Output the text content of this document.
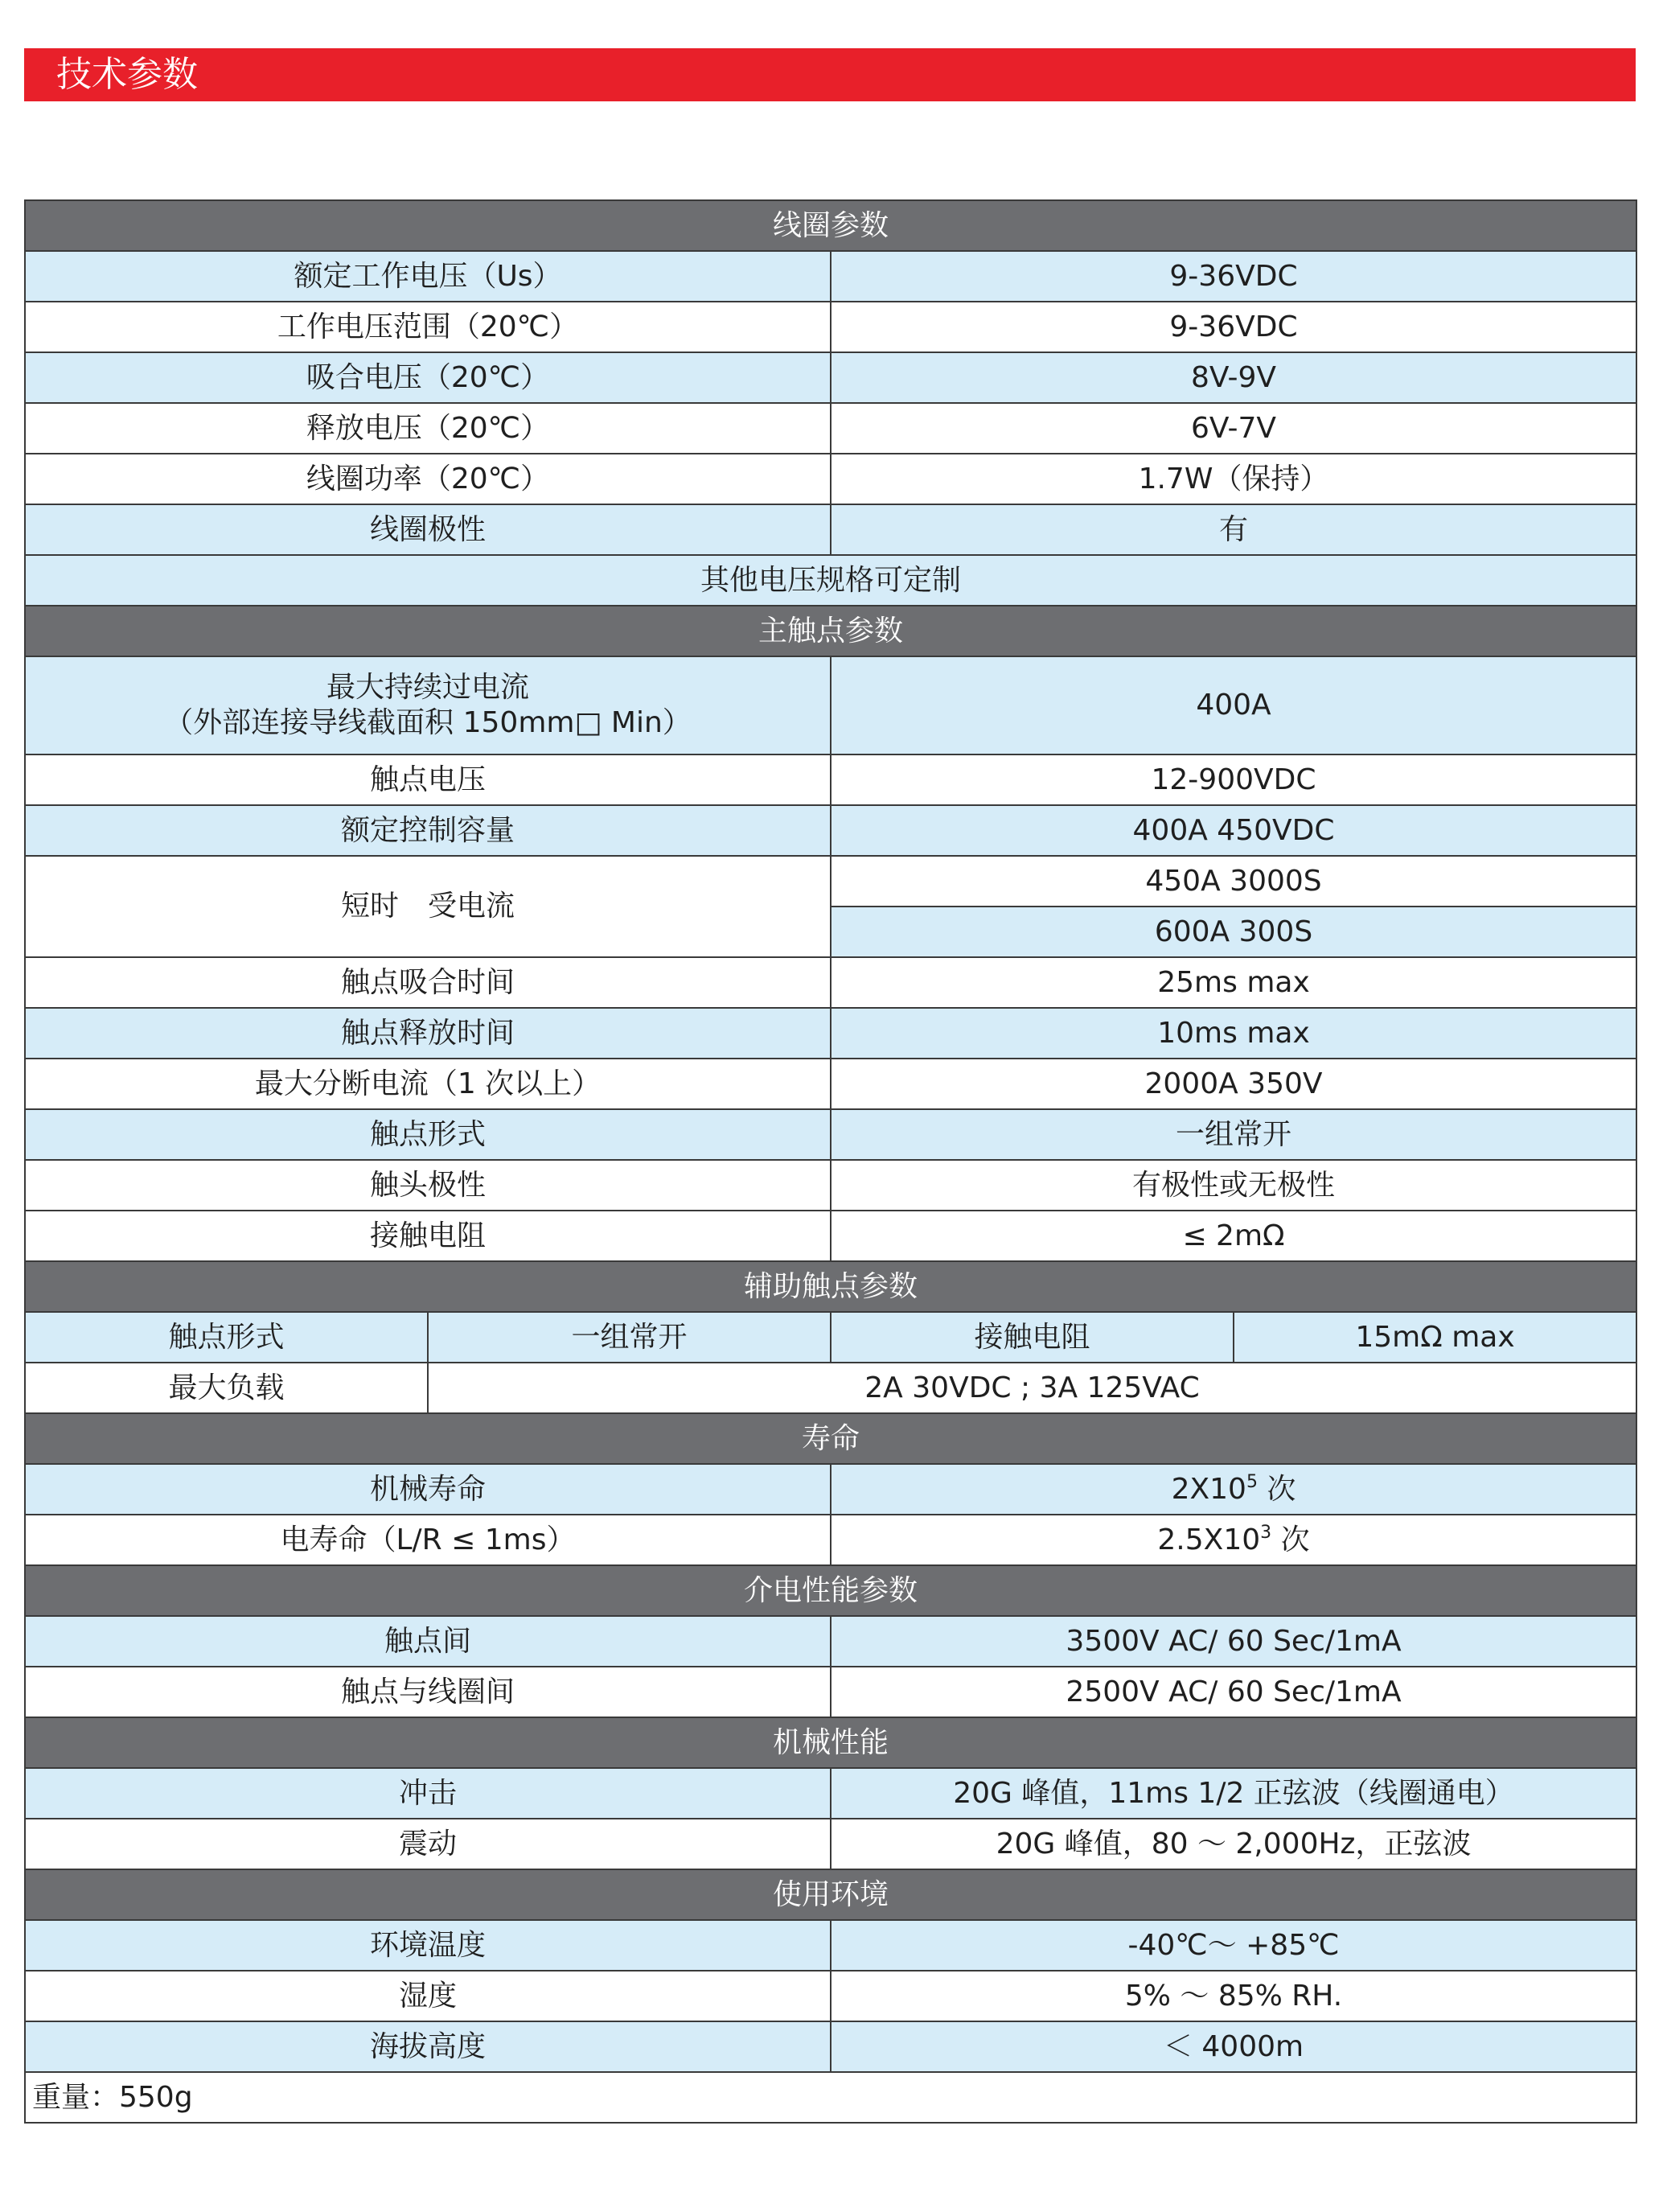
技术参数
线圈参数			
额定工作电压（Us）		9-36VDC	
工作电压范围（20℃）		9-36VDC	
吸合电压（20℃）		8V-9V	
释放电压（20℃）		6V-7V	
线圈功率（20℃）		1.7W（保持）	
线圈极性		有	
其他电压规格可定制			
主触点参数			

最大持续过电流
（外部连接导线截面积 150mm□ Min）		400A	
触点电压		12-900VDC	
额定控制容量		400A 450VDC	
短时　受电流		450A 3000S	
		600A 300S	
触点吸合时间		25ms max	
触点释放时间		10ms max	
最大分断电流（1 次以上）		2000A 350V	
触点形式		一组常开	
触头极性		有极性或无极性	
接触电阻		≤ 2mΩ	
辅助触点参数			
触点形式	一组常开	接触电阻	15mΩ max
最大负载	2A 30VDC ; 3A 125VAC		
寿命			
机械寿命		$2X10^5$ 次	
电寿命（L/R ≤ 1ms）		$2.5X10^3$ 次	
介电性能参数			
触点间		3500V AC/ 60 Sec/1mA	
触点与线圈间		2500V AC/ 60 Sec/1mA	
机械性能			
冲击		20G 峰值，11ms 1/2 正弦波（线圈通电）	
震动		20G 峰值，80 ～ 2,000Hz，正弦波	
使用环境			
环境温度		-40℃～ +85℃	
湿度		5% ～ 85% RH.	
海拔高度		＜ 4000m	
重量：550g			
